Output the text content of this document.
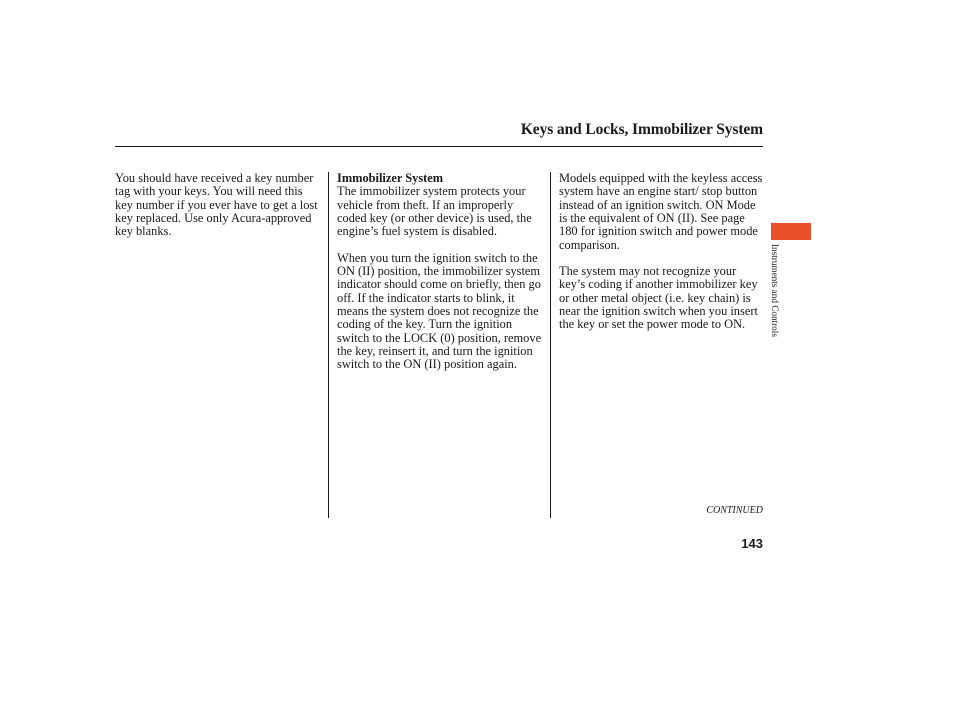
Keys and Locks, Immobilizer System

You should have received a key number tag with your keys. You will need this key number if you ever have to get a lost key replaced. Use only Acura-approved key blanks.

Immobilizer System
The immobilizer system protects your vehicle from theft. If an improperly coded key (or other device) is used, the engine’s fuel system is disabled.

When you turn the ignition switch to the ON (II) position, the immobilizer system indicator should come on briefly, then go off. If the indicator starts to blink, it means the system does not recognize the coding of the key. Turn the ignition switch to the LOCK (0) position, remove the key, reinsert it, and turn the ignition switch to the ON (II) position again.

Models equipped with the keyless access system have an engine start/ stop button instead of an ignition switch. ON Mode is the equivalent of ON (II). See page 180 for ignition switch and power mode comparison.

The system may not recognize your key’s coding if another immobilizer key or other metal object (i.e. key chain) is near the ignition switch when you insert the key or set the power mode to ON.	Instruments and Controls
CONTINUED
143
